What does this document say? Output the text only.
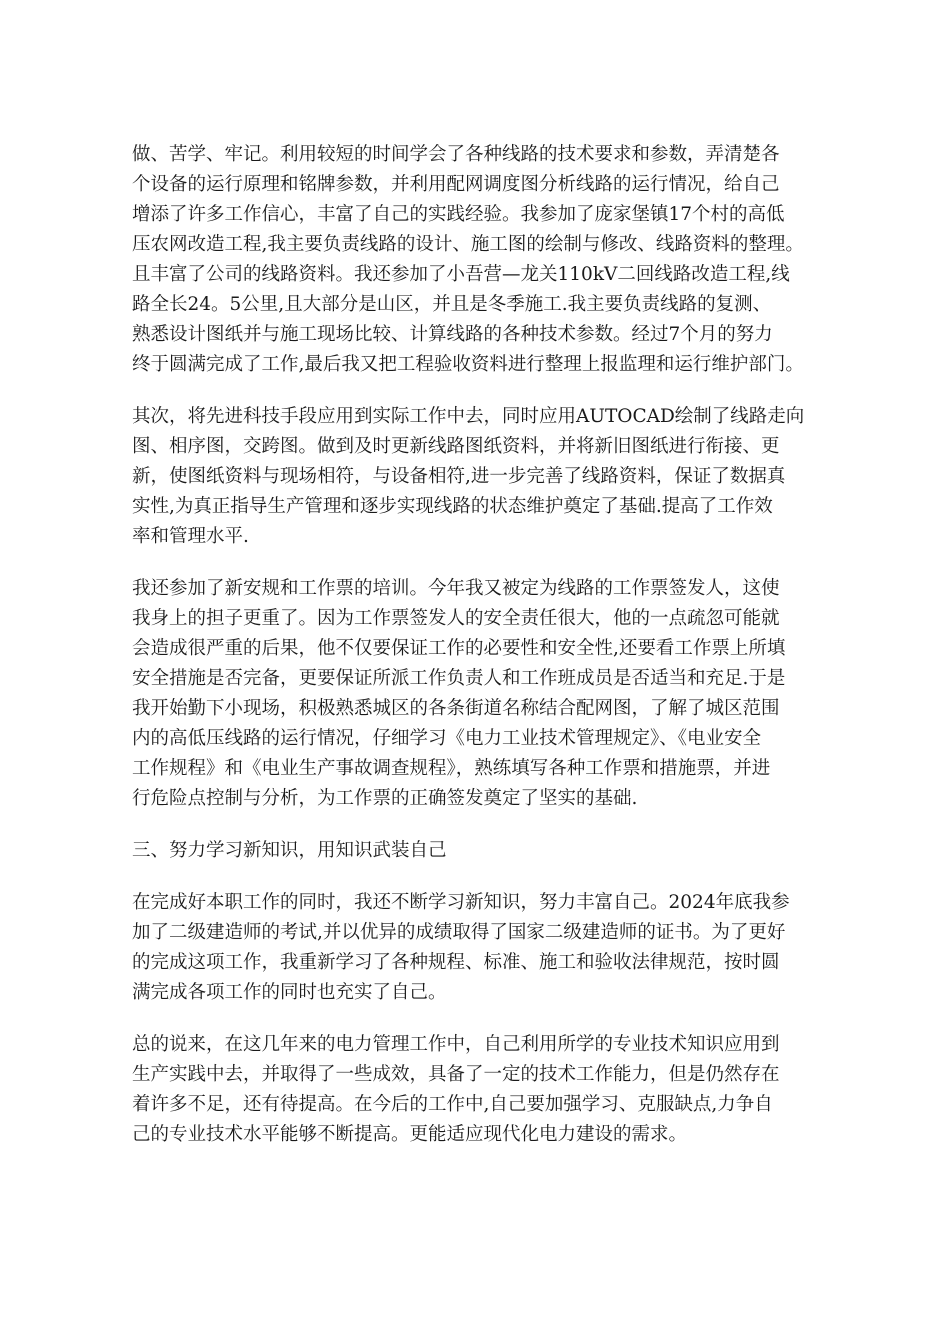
做、苦学、牢记。利用较短的时间学会了各种线路的技术要求和参数，弄清楚各
个设备的运行原理和铭牌参数，并利用配网调度图分析线路的运行情况，给自己
增添了许多工作信心，丰富了自己的实践经验。我参加了庞家堡镇17个村的高低
压农网改造工程,我主要负责线路的设计、施工图的绘制与修改、线路资料的整理。
且丰富了公司的线路资料。我还参加了小吾营—龙关110kV二回线路改造工程,线
路全长24。5公里,且大部分是山区，并且是冬季施工.我主要负责线路的复测、
熟悉设计图纸并与施工现场比较、计算线路的各种技术参数。经过7个月的努力
终于圆满完成了工作,最后我又把工程验收资料进行整理上报监理和运行维护部门。

其次，将先进科技手段应用到实际工作中去，同时应用AUTOCAD绘制了线路走向
图、相序图，交跨图。做到及时更新线路图纸资料，并将新旧图纸进行衔接、更
新，使图纸资料与现场相符，与设备相符,进一步完善了线路资料，保证了数据真
实性,为真正指导生产管理和逐步实现线路的状态维护奠定了基础.提高了工作效
率和管理水平.

我还参加了新安规和工作票的培训。今年我又被定为线路的工作票签发人，这使
我身上的担子更重了。因为工作票签发人的安全责任很大，他的一点疏忽可能就
会造成很严重的后果，他不仅要保证工作的必要性和安全性,还要看工作票上所填
安全措施是否完备，更要保证所派工作负责人和工作班成员是否适当和充足.于是
我开始勤下小现场，积极熟悉城区的各条街道名称结合配网图，了解了城区范围
内的高低压线路的运行情况，仔细学习《电力工业技术管理规定》、《电业安全
工作规程》和《电业生产事故调查规程》，熟练填写各种工作票和措施票，并进
行危险点控制与分析，为工作票的正确签发奠定了坚实的基础.

三、努力学习新知识，用知识武装自己

在完成好本职工作的同时，我还不断学习新知识，努力丰富自己。2024年底我参
加了二级建造师的考试,并以优异的成绩取得了国家二级建造师的证书。为了更好
的完成这项工作，我重新学习了各种规程、标准、施工和验收法律规范，按时圆
满完成各项工作的同时也充实了自己。

总的说来，在这几年来的电力管理工作中，自己利用所学的专业技术知识应用到
生产实践中去，并取得了一些成效，具备了一定的技术工作能力，但是仍然存在
着许多不足，还有待提高。在今后的工作中,自己要加强学习、克服缺点,力争自
己的专业技术水平能够不断提高。更能适应现代化电力建设的需求。
